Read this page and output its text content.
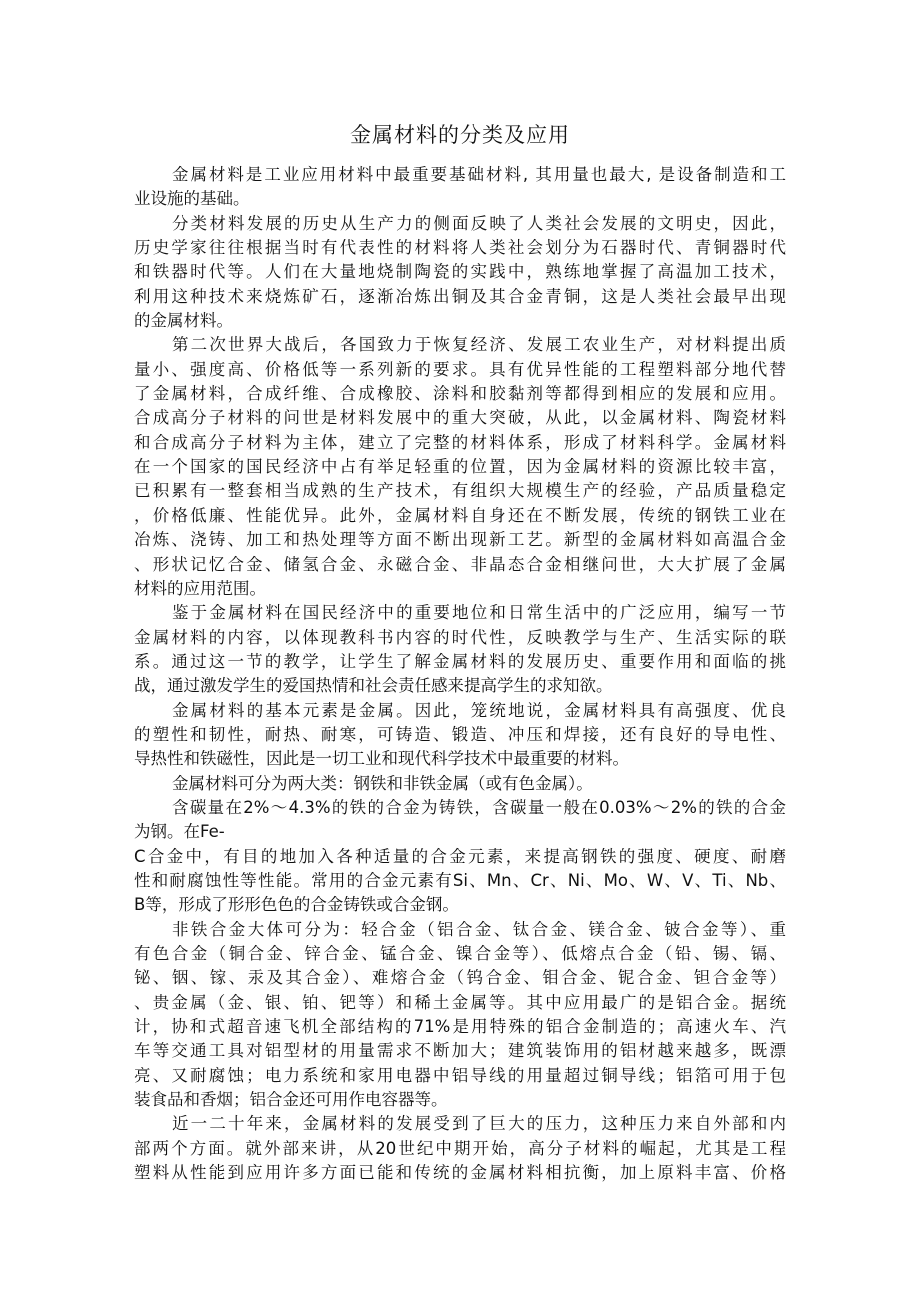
金属材料的分类及应用
金属材料是工业应用材料中最重要基础材料, 其用量也最大, 是设备制造和工
业设施的基础。
分类材料发展的历史从生产力的侧面反映了人类社会发展的文明史，因此，
历史学家往往根据当时有代表性的材料将人类社会划分为石器时代、青铜器时代
和铁器时代等。人们在大量地烧制陶瓷的实践中，熟练地掌握了高温加工技术，
利用这种技术来烧炼矿石，逐渐冶炼出铜及其合金青铜，这是人类社会最早出现
的金属材料。
第二次世界大战后，各国致力于恢复经济、发展工农业生产，对材料提出质
量小、强度高、价格低等一系列新的要求。具有优异性能的工程塑料部分地代替
了金属材料，合成纤维、合成橡胶、涂料和胶黏剂等都得到相应的发展和应用。
合成高分子材料的问世是材料发展中的重大突破，从此，以金属材料、陶瓷材料
和合成高分子材料为主体，建立了完整的材料体系，形成了材料科学。金属材料
在一个国家的国民经济中占有举足轻重的位置，因为金属材料的资源比较丰富，
已积累有一整套相当成熟的生产技术，有组织大规模生产的经验，产品质量稳定
，价格低廉、性能优异。此外，金属材料自身还在不断发展，传统的钢铁工业在
冶炼、浇铸、加工和热处理等方面不断出现新工艺。新型的金属材料如高温合金
、形状记忆合金、储氢合金、永磁合金、非晶态合金相继问世，大大扩展了金属
材料的应用范围。
鉴于金属材料在国民经济中的重要地位和日常生活中的广泛应用，编写一节
金属材料的内容，以体现教科书内容的时代性，反映教学与生产、生活实际的联
系。通过这一节的教学，让学生了解金属材料的发展历史、重要作用和面临的挑
战，通过激发学生的爱国热情和社会责任感来提高学生的求知欲。
金属材料的基本元素是金属。因此，笼统地说，金属材料具有高强度、优良
的塑性和韧性，耐热、耐寒，可铸造、锻造、冲压和焊接，还有良好的导电性、
导热性和铁磁性，因此是一切工业和现代科学技术中最重要的材料。
金属材料可分为两大类：钢铁和非铁金属（或有色金属）。
含碳量在2%～4.3%的铁的合金为铸铁，含碳量一般在0.03%～2%的铁的合金
为钢。在Fe-
C合金中，有目的地加入各种适量的合金元素，来提高钢铁的强度、硬度、耐磨
性和耐腐蚀性等性能。常用的合金元素有Si、Mn、Cr、Ni、Mo、W、V、Ti、Nb、
B等，形成了形形色色的合金铸铁或合金钢。
非铁合金大体可分为：轻合金（铝合金、钛合金、镁合金、铍合金等）、重
有色合金（铜合金、锌合金、锰合金、镍合金等）、低熔点合金（铅、锡、镉、
铋、铟、镓、汞及其合金）、难熔合金（钨合金、钼合金、铌合金、钽合金等）
、贵金属（金、银、铂、钯等）和稀土金属等。其中应用最广的是铝合金。据统
计，协和式超音速飞机全部结构的71%是用特殊的铝合金制造的；高速火车、汽
车等交通工具对铝型材的用量需求不断加大；建筑装饰用的铝材越来越多，既漂
亮、又耐腐蚀；电力系统和家用电器中铝导线的用量超过铜导线；铝箔可用于包
装食品和香烟；铝合金还可用作电容器等。
近一二十年来，金属材料的发展受到了巨大的压力，这种压力来自外部和内
部两个方面。就外部来讲，从20世纪中期开始，高分子材料的崛起，尤其是工程
塑料从性能到应用许多方面已能和传统的金属材料相抗衡，加上原料丰富、价格
